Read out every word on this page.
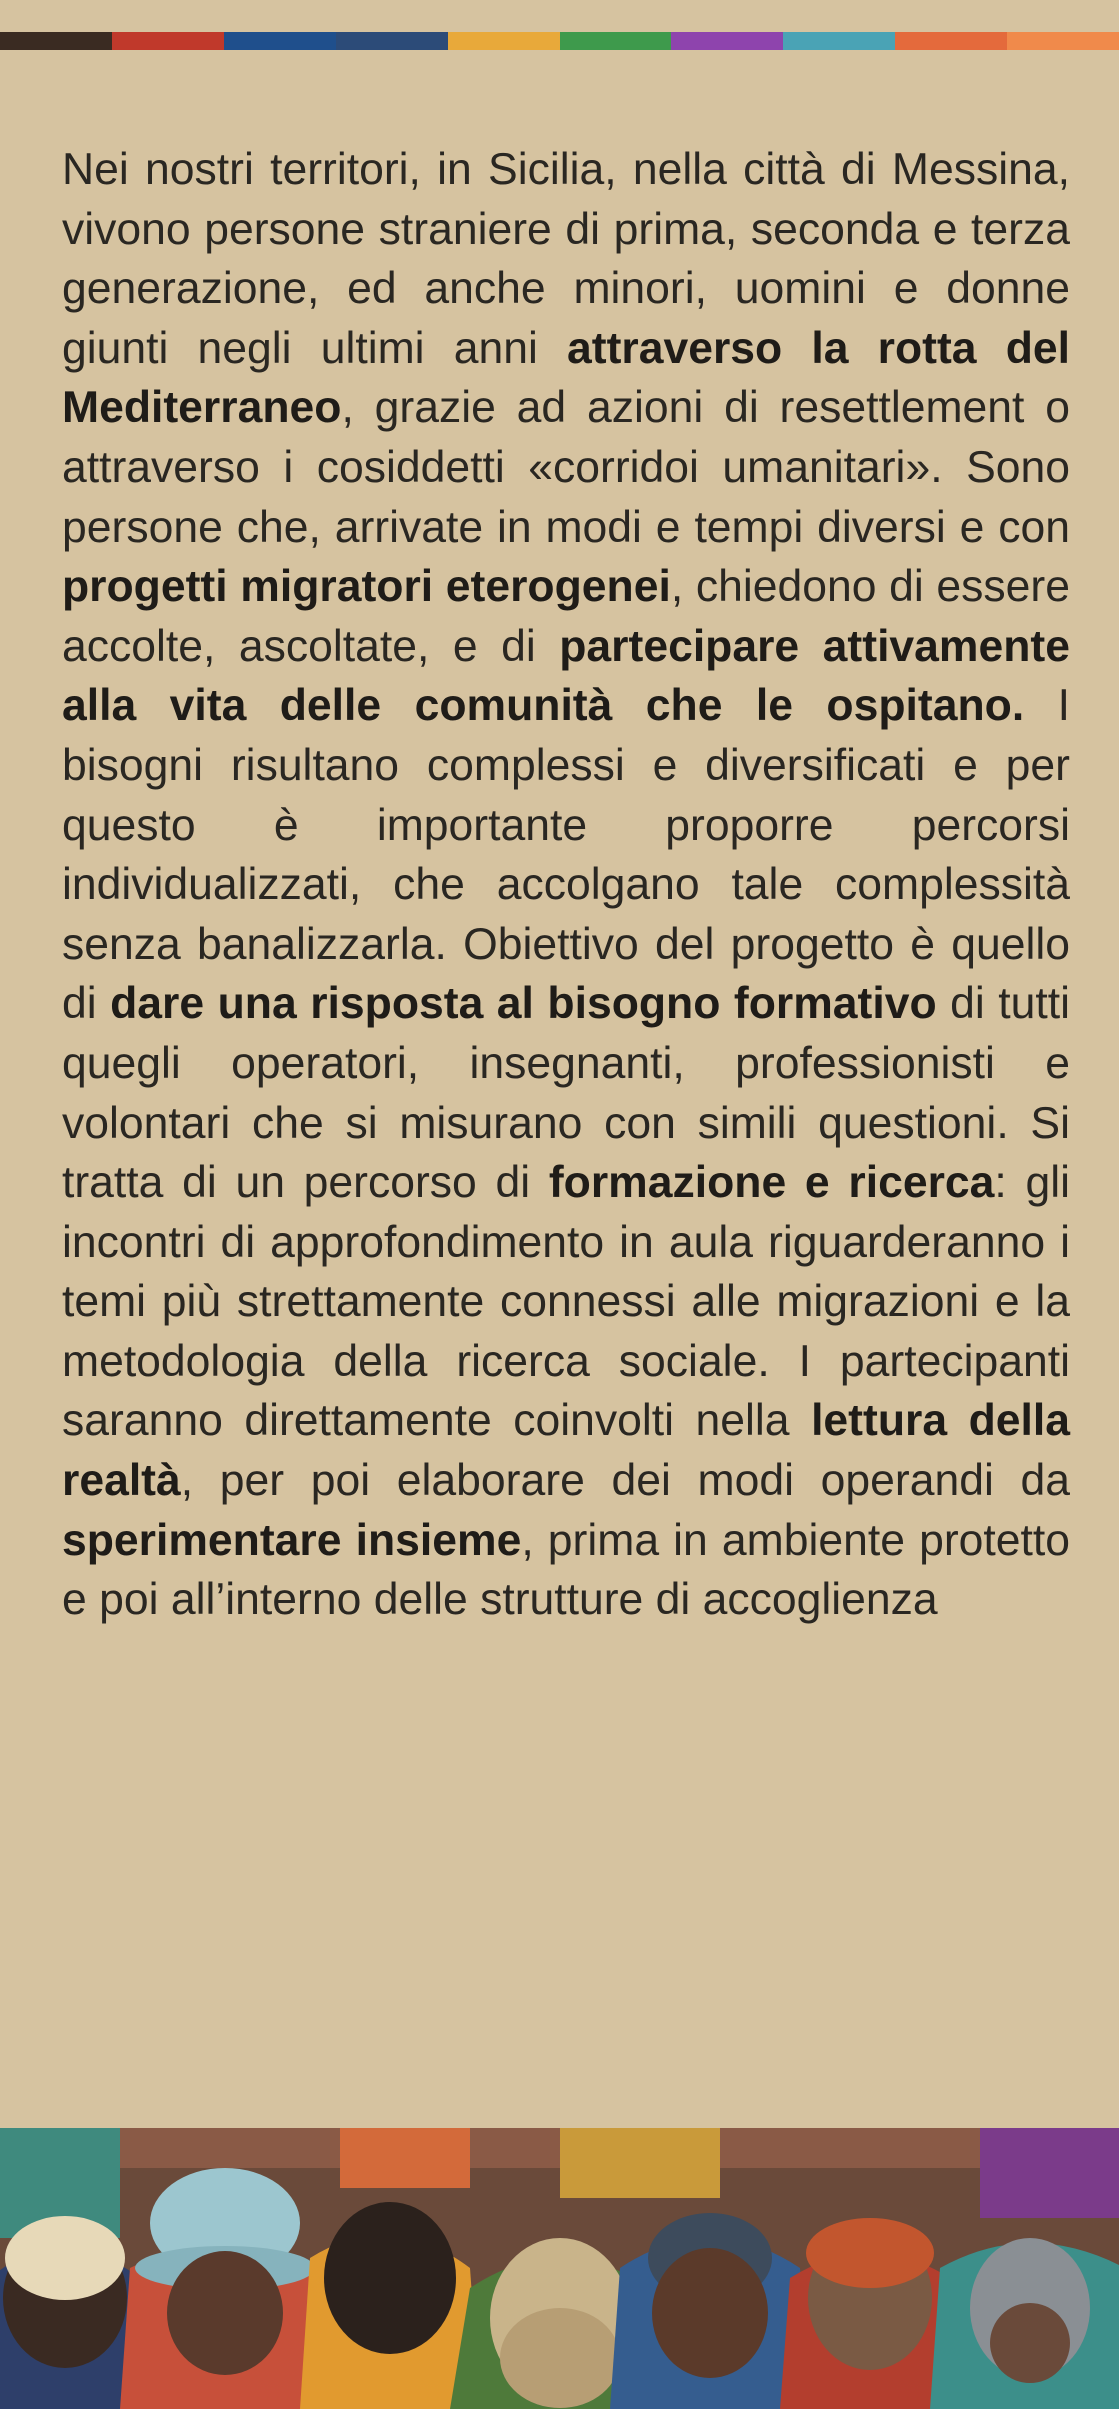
Nei nostri territori, in Sicilia, nella città di Messina, vivono persone straniere di prima, seconda e terza generazione, ed anche minori, uomini e donne giunti negli ultimi anni attraverso la rotta del Mediterraneo, grazie ad azioni di resettlement o attraverso i cosiddetti «corridoi umanitari». Sono persone che, arrivate in modi e tempi diversi e con progetti migratori eterogenei, chiedono di essere accolte, ascoltate, e di partecipare attivamente alla vita delle comunità che le ospitano. I bisogni risultano complessi e diversificati e per questo è importante proporre percorsi individualizzati, che accolgano tale complessità senza banalizzarla. Obiettivo del progetto è quello di dare una risposta al bisogno formativo di tutti quegli operatori, insegnanti, professionisti e volontari che si misurano con simili questioni. Si tratta di un percorso di formazione e ricerca: gli incontri di approfondimento in aula riguarderanno i temi più strettamente connessi alle migrazioni e la metodologia della ricerca sociale. I partecipanti saranno direttamente coinvolti nella lettura della realtà, per poi elaborare dei modi operandi da sperimentare insieme, prima in ambiente protetto e poi all’interno delle strutture di accoglienza
